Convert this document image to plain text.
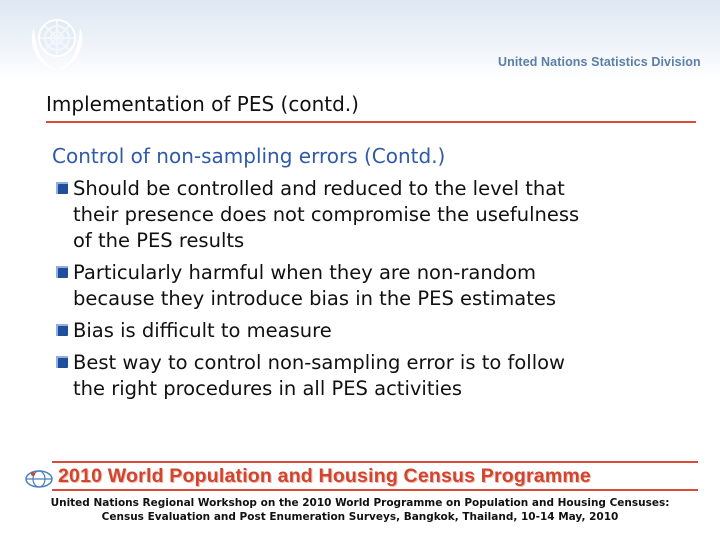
United Nations Statistics Division
Implementation of PES (contd.)
Control of non-sampling errors (Contd.)
Should be controlled and reduced to the level that
their presence does not compromise the usefulness
of the PES results
Particularly harmful when they are non-random
because they introduce bias in the PES estimates
Bias is difficult to measure
Best way to control non-sampling error is to follow
the right procedures in all PES activities
2010 World Population and Housing Census Programme
United Nations Regional Workshop on the 2010 World Programme on Population and Housing Censuses:
Census Evaluation and Post Enumeration Surveys, Bangkok, Thailand, 10-14 May, 2010
